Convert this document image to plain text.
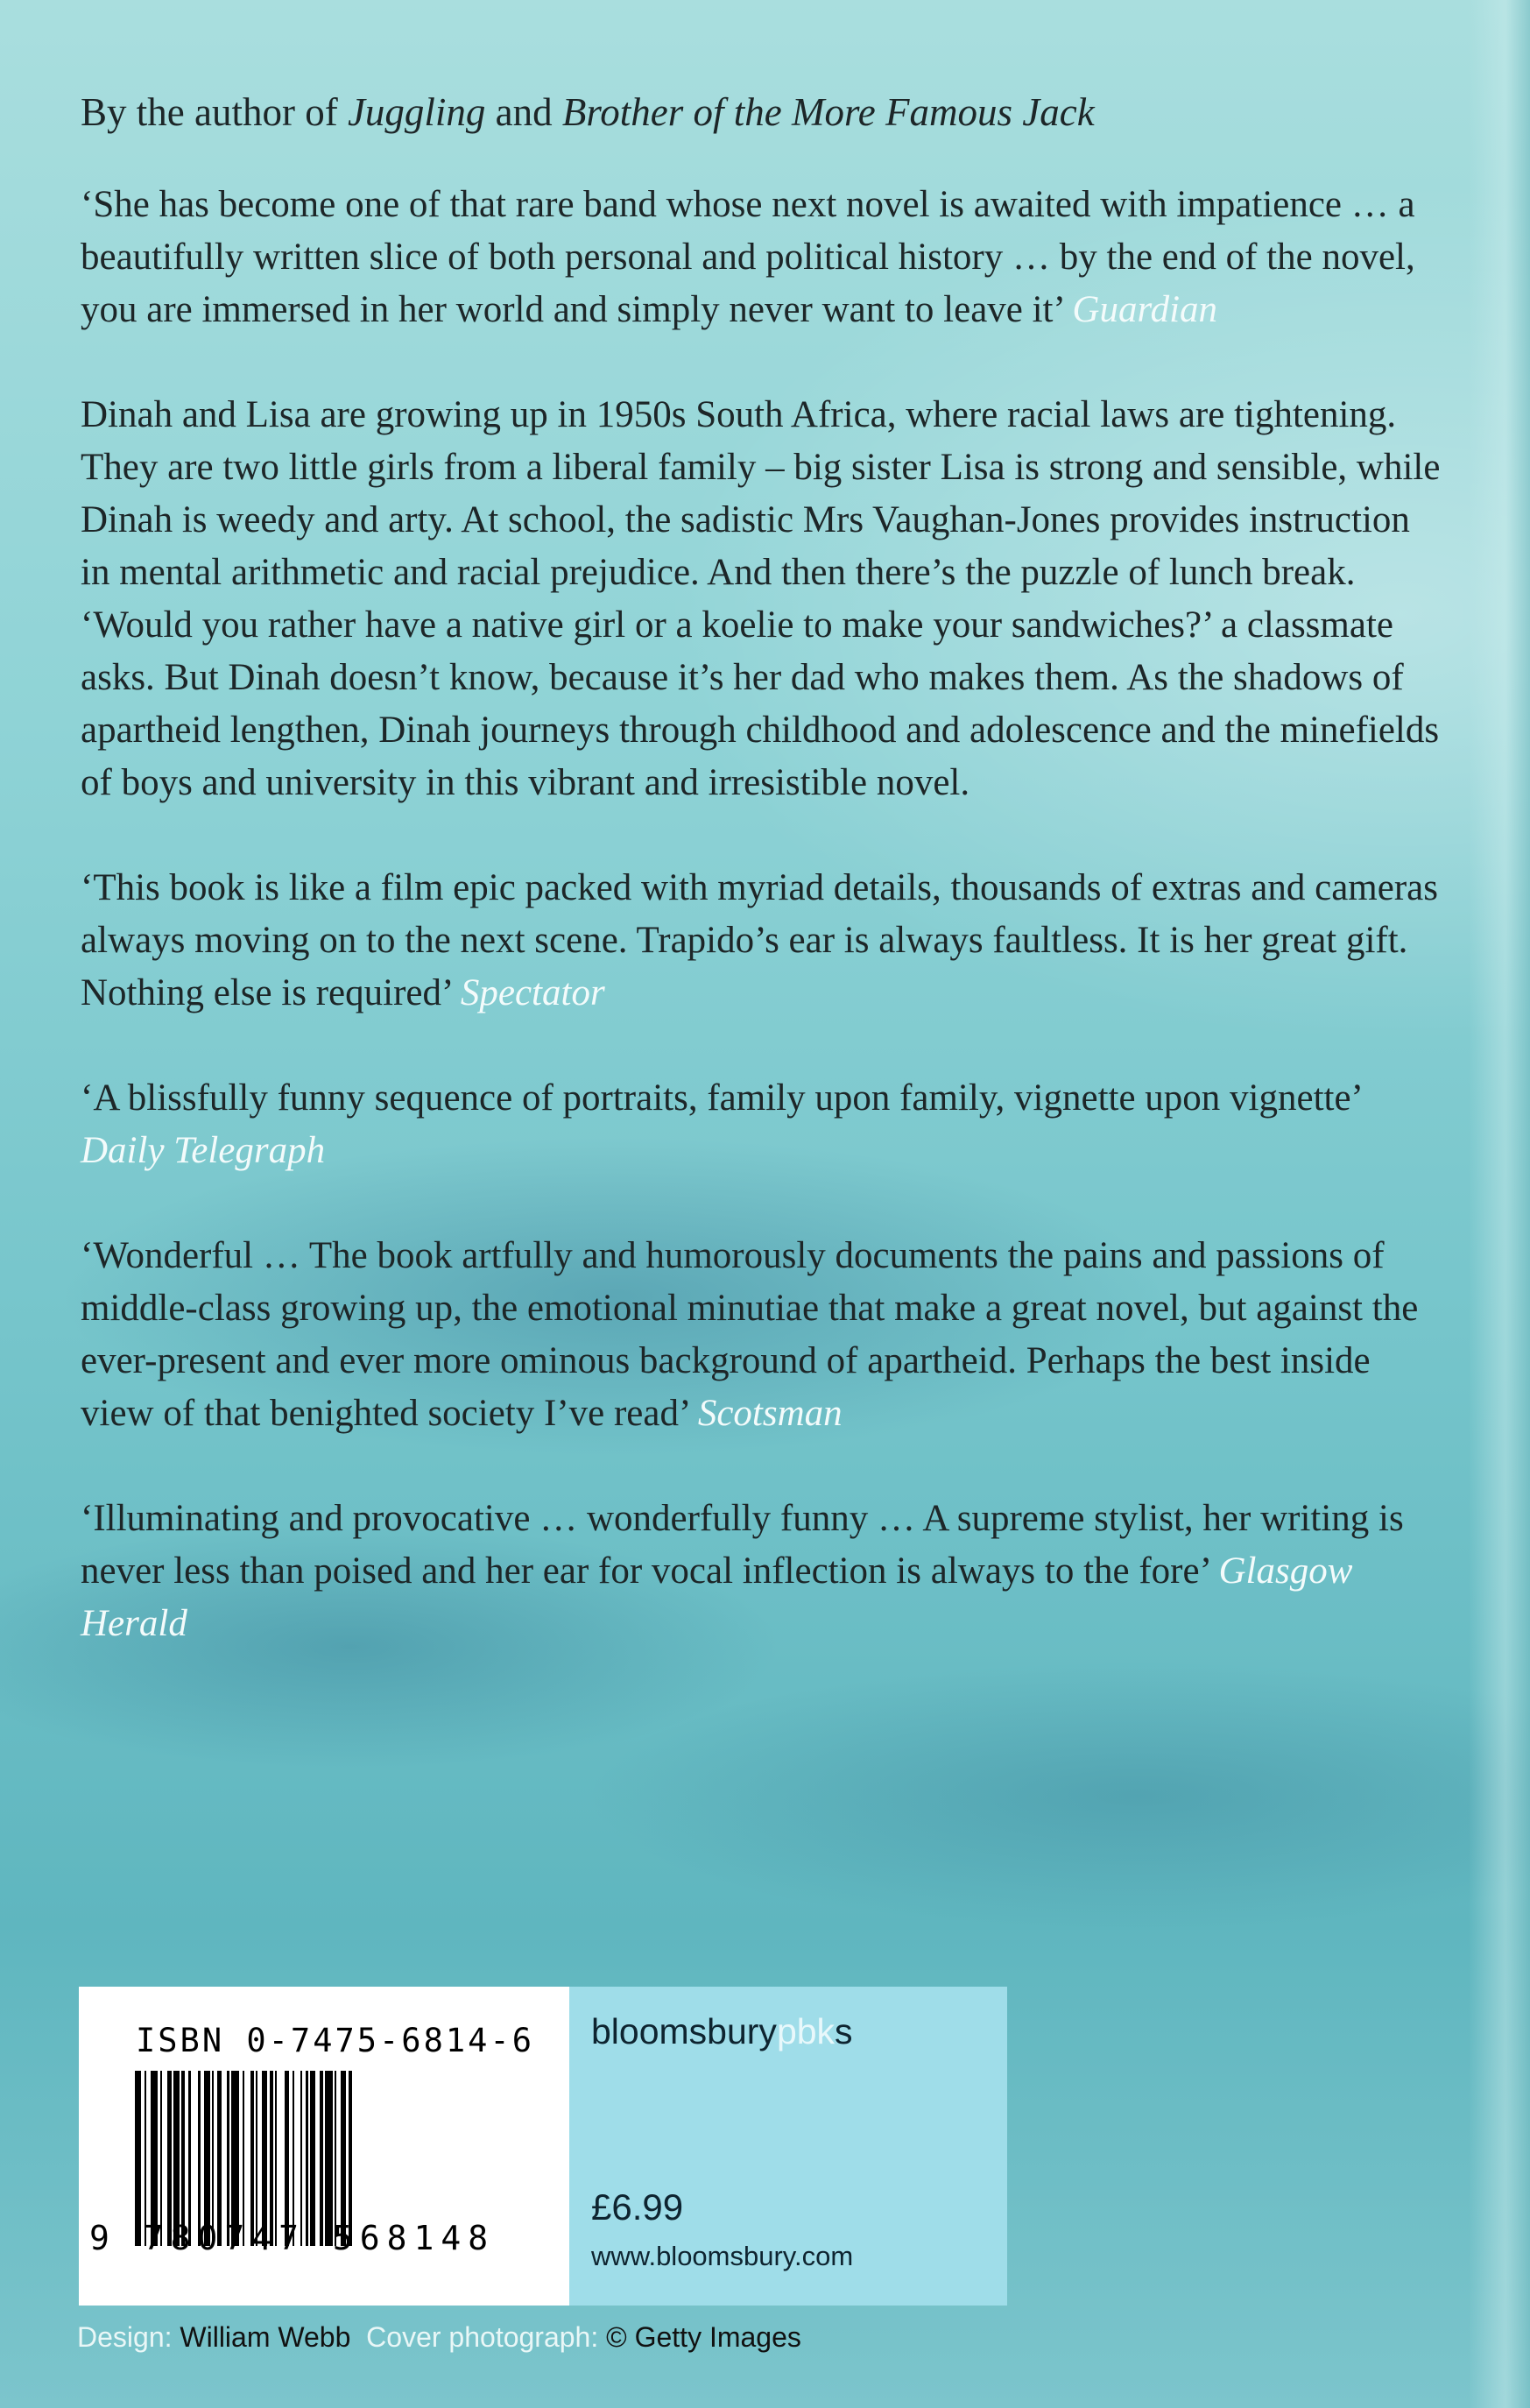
By the author of Juggling and Brother of the More Famous Jack

‘She has become one of that rare band whose next novel is awaited with impatience … a beautifully written slice of both personal and political history … by the end of the novel, you are immersed in her world and simply never want to leave it’ Guardian

Dinah and Lisa are growing up in 1950s South Africa, where racial laws are tightening. They are two little girls from a liberal family – big sister Lisa is strong and sensible, while Dinah is weedy and arty. At school, the sadistic Mrs Vaughan-Jones provides instruction in mental arithmetic and racial prejudice. And then there’s the puzzle of lunch break. ‘Would you rather have a native girl or a koelie to make your sandwiches?’ a classmate asks. But Dinah doesn’t know, because it’s her dad who makes them. As the shadows of apartheid lengthen, Dinah journeys through childhood and adolescence and the minefields of boys and university in this vibrant and irresistible novel.

‘This book is like a film epic packed with myriad details, thousands of extras and cameras always moving on to the next scene. Trapido’s ear is always faultless. It is her great gift. Nothing else is required’ Spectator

‘A blissfully funny sequence of portraits, family upon family, vignette upon vignette’ Daily Telegraph

‘Wonderful … The book artfully and humorously documents the pains and passions of middle-class growing up, the emotional minutiae that make a great novel, but against the ever-present and ever more ominous background of apartheid. Perhaps the best inside view of that benighted society I’ve read’ Scotsman

‘Illuminating and provocative … wonderfully funny … A supreme stylist, her writing is never less than poised and her ear for vocal inflection is always to the fore’ Glasgow Herald

ISBN 0-7475-6814-6
9 780747 568148
bloomsburypbks
£6.99
www.bloomsbury.com
Design: William Webb Cover photograph: © Getty Images
